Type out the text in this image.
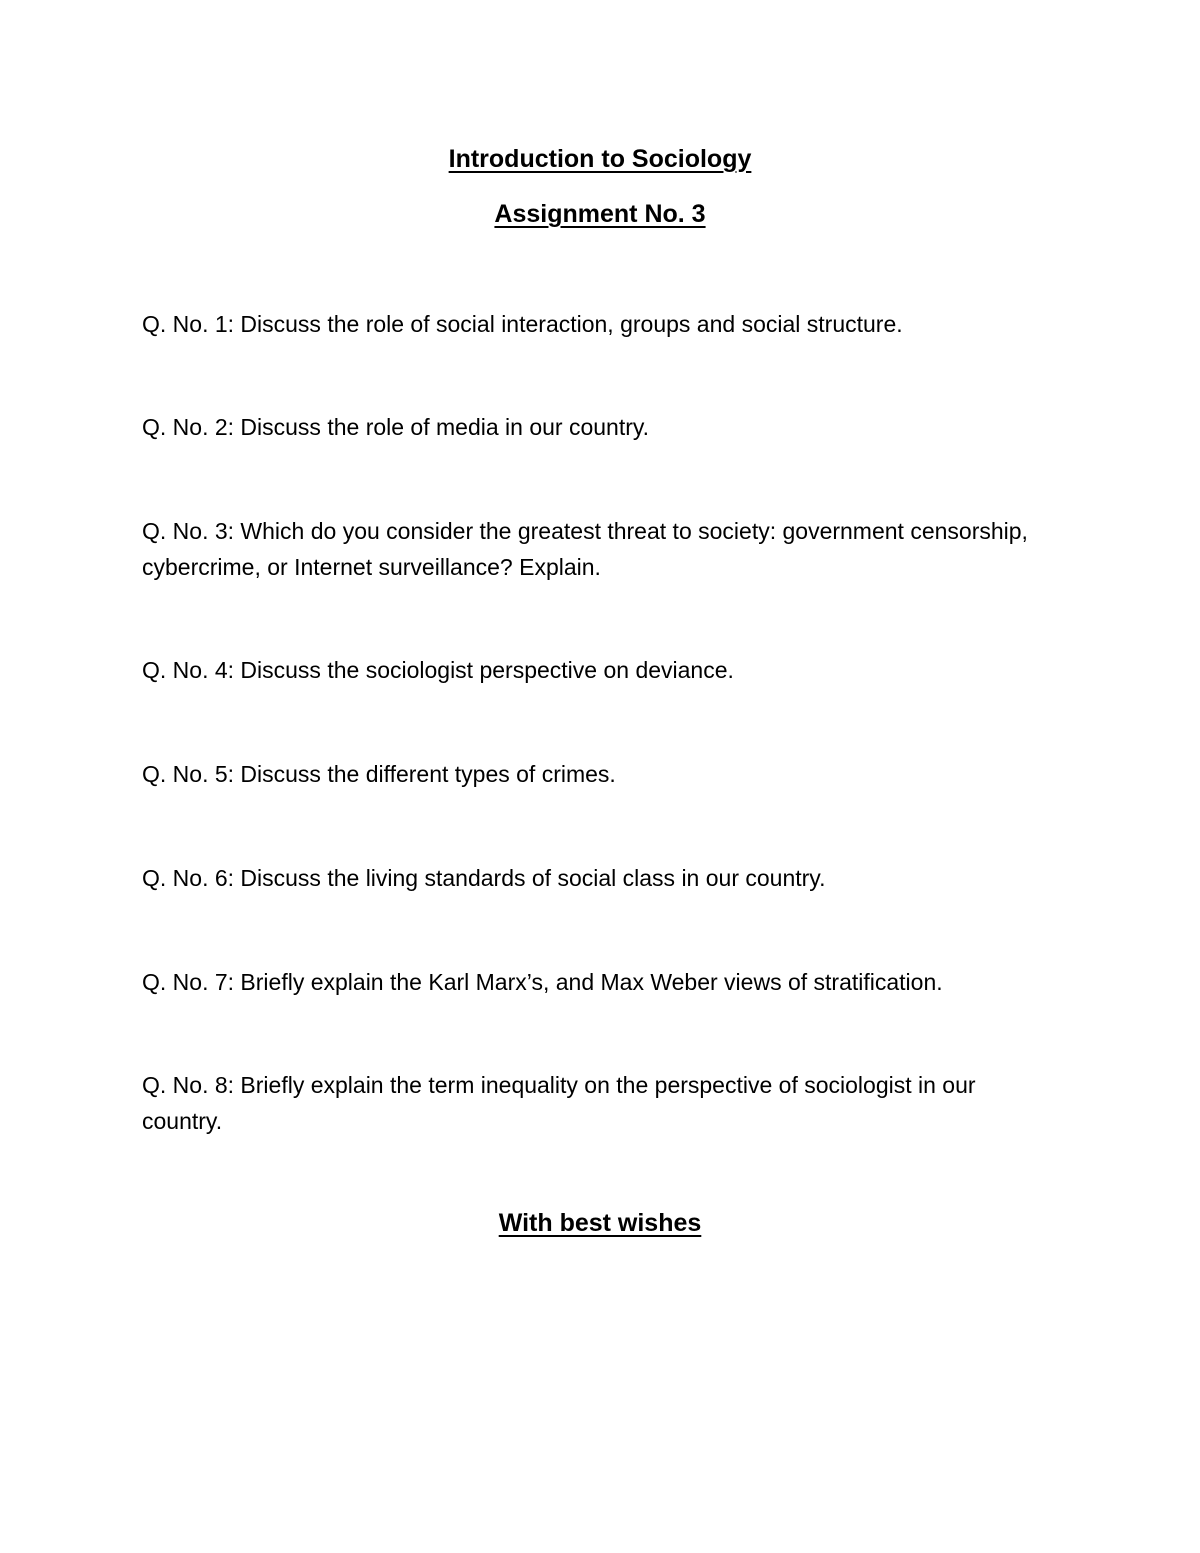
Introduction to Sociology
Assignment No. 3

Q. No. 1: Discuss the role of social interaction, groups and social structure.

Q. No. 2: Discuss the role of media in our country.

Q. No. 3: Which do you consider the greatest threat to society: government censorship, cybercrime, or Internet surveillance? Explain.

Q. No. 4: Discuss the sociologist perspective on deviance.

Q. No. 5: Discuss the different types of crimes.

Q. No. 6: Discuss the living standards of social class in our country.

Q. No. 7: Briefly explain the Karl Marx’s, and Max Weber views of stratification.

Q. No. 8: Briefly explain the term inequality on the perspective of sociologist in our country.

With best wishes
